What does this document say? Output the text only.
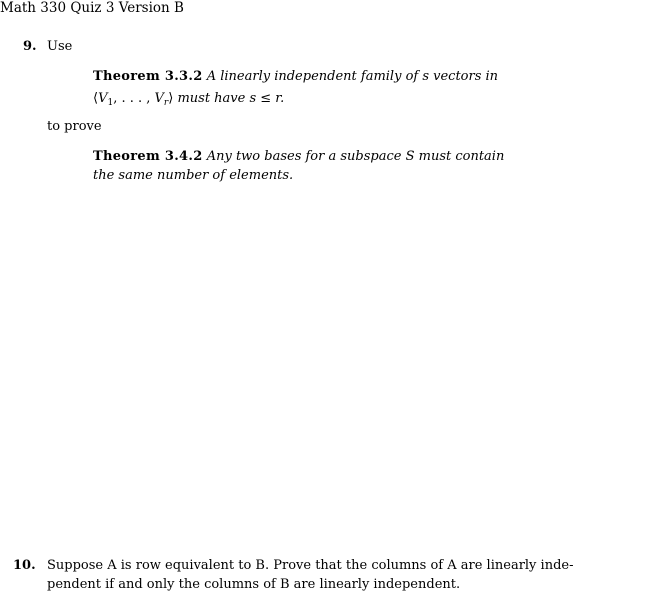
Math 330 Quiz 3 Version B
9. Use
Theorem 3.3.2 A linearly independent family of s vectors in
$⟨V_1$, . . . , $V_r⟩$ must have s ≤ r.
to prove
Theorem 3.4.2 Any two bases for a subspace S must contain
the same number of elements.
10. Suppose A is row equivalent to B. Prove that the columns of A are linearly inde-
pendent if and only the columns of B are linearly independent.
